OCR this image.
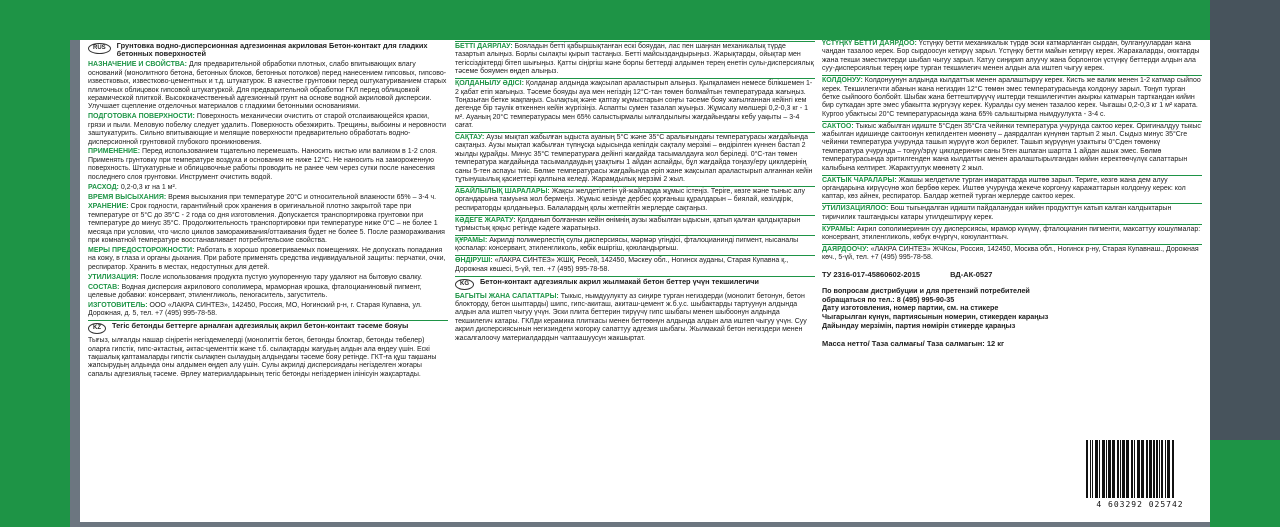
RUS	Грунтовка водно-дисперсионная адгезионная акриловая Бетон-контакт для гладких бетонных поверхностей
НАЗНАЧЕНИЕ И СВОЙСТВА: Для предварительной обработки плотных, слабо впитывающих влагу оснований (монолитного бетона, бетонных блоков, бетонных потолков) перед нанесением гипсовых, гипсово-известковых, известково-цементных и т.д. штукатурок. В качестве грунтовки перед оштукатуриванием старых плиточных облицовок гипсовой штукатуркой. Для предварительной обработки ГКЛ перед облицовкой керамической плиткой. Высококачественный адгезионный грунт на основе водной акриловой дисперсии. Улучшает сцепление отделочных материалов с гладкими бетонными основаниями.
ПОДГОТОВКА ПОВЕРХНОСТИ: Поверхность механически очистить от старой отслаивающейся краски, грязи и пыли. Меловую побелку следует удалить. Поверхность обезжирить. Трещины, выбоины и неровности заштукатурить. Сильно впитывающие и мелящие поверхности предварительно обработать водно-дисперсионной грунтовкой глубокого проникновения.
ПРИМЕНЕНИЕ: Перед использованием тщательно перемешать. Наносить кистью или валиком в 1-2 слоя. Применять грунтовку при температуре воздуха и основания не ниже 12°С. Не наносить на замороженную поверхность. Штукатурные и облицовочные работы проводить не ранее чем через сутки после нанесения последнего слоя грунтовки. Инструмент очистить водой.
РАСХОД: 0,2-0,3 кг на 1 м².
ВРЕМЯ ВЫСЫХАНИЯ: Время высыхания при температуре 20°С и относительной влажности 65% – 3-4 ч.
ХРАНЕНИЕ: Срок годности, гарантийный срок хранения в оригинальной плотно закрытой таре при температуре от 5°С до 35°С - 2 года со дня изготовления. Допускается транспортировка грунтовки при температуре до минус 35°С. Продолжительность транспортировки при температуре ниже 0°С – не более 1 месяца при условии, что число циклов замораживания/оттаивания будет не более 5. После размораживания при комнатной температуре восстанавливает потребительские свойства.
МЕРЫ ПРЕДОСТОРОЖНОСТИ: Работать в хорошо проветриваемых помещениях. Не допускать попадания на кожу, в глаза и органы дыхания. При работе применять средства индивидуальной защиты: перчатки, очки, респиратор. Хранить в местах, недоступных для детей.
УТИЛИЗАЦИЯ: После использования продукта пустую укупоренную тару удаляют на бытовую свалку.
СОСТАВ: Водная дисперсия акрилового сополимера, мраморная крошка, фталоцианиновый пигмент, целевые добавки: консервант, этиленгликоль, пеногаситель, загуститель.
ИЗГОТОВИТЕЛЬ: ООО «ЛАКРА СИНТЕЗ», 142450, Россия, МО, Ногинский р-н, г. Старая Купавна, ул. Дорожная, д. 5, тел. +7 (495) 995-78-58.
KZ	Тегіс бетонды беттерге арналған адгезиялық акрил бетон-контакт тәсеме бояуы
Тығыз, ылғалды нашар сіңіретін негіздемелерді (монолиттік бетон, бетонды блоктар, бетонды төбелер) оларға гипстік, гипс-әктастық, әктас-цементтік және т.б. сылақтарды жағудың алдын ала өңдеу үшін. Ескі тақшалық қаптамаларды гипстік сылақпен сылаудың алдындағы тәсеме бояу ретінде. ГКТ-ға құш тақшаны жапсырудың алдында оны алдымен өңдеп алу үшін. Сулы акрилді дисперсиядағы негізделген жоғары сапалы адгезиялық тәсеме. Әрлеу материалдарының тегіс бетонды негіздермен ілінісуін жақсартады.
БЕТТІ ДАЯРЛАУ: Бояладын бетті қабыршықтанған ескі бояудан, лас пен шаңнан механикалық түрде тазартып алыңыз. Борлы сылақты қырып тастаңыз. Бетті майсыздандырыңыз. Жарықтарды, ойықтар мен тегіссіздіктерді бітеп шығыңыз. Қатты сіңіргіш және борлы беттерді алдымен терең енетін сулы-дисперсиялық тәсеме бояумен өңдеп алыңыз.
ҚОЛДАНЫЛУ ӘДІСІ: Қолданар алдында жақсылап араластырып алыңыз. Қылқаламен немесе білікшемен 1-2 қабат етіп жағыңыз. Тәсеме бояуды ауа мен негіздің 12°С-тан төмен болмайтын температурада жағыңыз. Тоңазыған бетке жақпаңыз. Сылақтық және қаптау жұмыстарын соңғы тәсеме бояу жағылғаннан кейінгі кем дегенде бір тәулік өткеннен кейін жүргізіңіз. Аспапты сумен тазалап жуыңыз. Жұмсалу мөлшері 0,2-0,3 кг - 1 м². Ауаның 20°С температурасы мен 65% салыстырмалы ылғалдылығы жағдайындағы кебу уақыты – 3-4 сағат.
САҚТАУ: Аузы мықтап жабылған ыдыста ауаның 5°С және 35°С аралығындағы температурасы жағдайында сақтаңыз. Аузы мықтап жабылған түпнұсқа ыдысында кепілдік сақталу мерзімі – өндірілген күннен бастап 2 жылды құрайды. Минус 35°С температураға дейінгі жағдайда тасымалдауға жол беріледі. 0°С-тан төмен температура жағдайында тасымалдаудың ұзақтығы 1 айдан аспайды, бұл жағдайда тоңазу/еру циклдерінің саны 5-тен аспауы тиіс. Бөлме температурасы жағдайында еріп жане жақсылап араластырып алғаннан кейін тұтынушылық қасиеттері қалпына келеді. Жарамдылық мерзімі 2 жыл.
АБАЙЛЫЛЫҚ ШАРАЛАРЫ: Жақсы желдетілетін үй-жайларда жұмыс істеңіз. Теріге, көзге және тыныс алу органдарына тамуына жол бермеңіз. Жұмыс кезінде дербес қорғаныш құралдарын – биялай, көзілдірік, респираторды қолданыңыз. Балалардың қолы жетпейтін жерлерде сақтаңыз.
КӘДЕГЕ ЖАРАТУ: Қолданып болғаннан кейін өнімнің аузы жабылған ыдысын, қатып қалған қалдықтарын тұрмыстық қоқыс ретінде кәдеге жаратыңыз.
ҚҰРАМЫ: Акрилді полимерлестің сулы дисперсиясы, мәрмәр үгіндісі, фталоцианинді пигмент, нысаналы қоспалар: консервант, этиленгликоль, көбік өшіргіш, қоюландырғыш.
ӨНДІРУШІ: «ЛАКРА СИНТЕЗ» ЖШҚ, Ресей, 142450, Мәскеу обл., Ногинск ауданы, Старая Купавна қ., Дорожная көшесі, 5-үй, тел. +7 (495) 995-78-58.
KG	Бетон-контакт адгезиялык акрил жылмакай бетон беттер үчүн текшилегичи
БАГЫТЫ ЖАНА САПАТТАРЫ: Тыкыс, нымдуулукту аз сиңире турган негиздерди (монолит бетонун, бетон блокторду, бетон шыптарды) шипс, гипс-акиташ, акиташ-цемент ж.б.у.с. шыбактарды тартуунун алдында алдын ала иштеп чыгуу үчүн. Эски плита беттерин тирүүчү гипс шыбагы менен шыбоонун алдында текшилегич катары. ГКЛди керамика плиткасы менен беттөөнүн алдында алдын ала иштеп чыгуу үчүн. Суу акрил дисперсиясынын негизиндеги жогорку сапаттуу адгезия шыбагы. Жылмакай бетон негиздери менен жасалгалоочу материалдардын чаптаашуусун жакшыртат.
ҮСТҮҢКҮ БЕТТИ ДАЯРДОО: Үстүңкү бетти механикалык түрдө эски катмарланган сырдан, булгануулардан жана чаңдан тазалоо керек. Бор сырдоосун кетирүү зарыл. Үстүңкү бетти майын кетирүү керек. Жаракаларды, оюктарды жана текши эместиктерди шыбап чыгуу зарыл. Катуу сиңирип алуучу жана борлонгон үстүңкү беттерди алдын ала суу-дисперсиялык терең кире турган текшилегич менен алдын ала иштеп чыгуу керек.
КОЛДОНУУ: Колдонуунун алдында кылдаттык менен аралаштыруу керек. Кисть же валик менен 1-2 катмар сыйпоо керек. Текшилегичти абанын жана негиздин 12°С төмөн эмес температурасында колдонуу зарыл. Тоңуп турган бетке сыйпоого болбойт. Шыбак жана беттештирүүчү иштерди текшилегичтин акыркы катмарын тарткандан кийин бир суткадан эрте эмес убакытта жүргүзүү керек. Куралды суу менен тазалоо керек. Чыгашы 0,2-0,3 кг 1 м² карата. Кургоо убактысы 20°С температурасында жана 65% салыштырма нымдуулукта - 3-4 с.
САКТОО: Тыкыс жабылган идиште 5°Сден 35°Сга чейинки температура учурунда сактоо керек. Оригиналдуу тыкыс жабылган идишинде сактоонун кепилдентен мөөнөтү – даярдалган күнүнөн тартып 2 жыл. Сыдыз минус 35°Сге чейинки температура учурунда ташып жүрүүгө жол берилет. Ташып жүрүүнүн узактыгы 0°Сден төмөнкү температура учурунда – тоңуу/эрүү циклдеринин саны 5тен ашпаган шартта 1 айдан ашык эмес. Бөлмө температурасында эритилгенден жана кылдаттык менен аралаштырылгандан кийин керектөөчүлүк сапаттарын калыбына келтирет. Жарактуулук мөөнөтү 2 жыл.
САКТЫК ЧАРАЛАРЫ: Жакшы желдетиле турган имараттарда иштөө зарыл. Териге, көзгө жана дем алуу органдарына кирүүсүнө жол бербөө керек. Иштөө учурунда жекече коргонуу каражаттарын колдонуу керек: кол каптар, көз айнек, респиратор. Балдар жетпей турган жерлерде сактоо керек.
УТИЛИЗАЦИЯЛОО: Бош тыгындалган идишти пайдаланудан кийин продукттун катып калган калдыктарын тиричилик таштандысы катары утилдештирүү керек.
КУРАМЫ: Акрил сополимеринин суу дисперсиясы, мрамор күкүмү, фталоцианин пигменти, максаттуу кошулмалар: консервант, этиленгликоль, көбүк өчүргүч, коюулантткыч.
ДАЯРДООЧУ: «ЛАКРА СИНТЕЗ» ЖЧКсы, Россия, 142450, Москва обл., Ногинск р-ну, Старая Купавнаш., Дорожная көч., 5-үй, тел. +7 (495) 995-78-58.
ТУ 2316-017-45860602-2015	ВД-АК-0527
По вопросам дистрибуции и для претензий потребителей обращаться по тел.: 8 (495) 995-90-35
Дату изготовления, номер партии, см. на стикере
Чыгарылган күнүн, партиясынын номерин, стикерден караңыз
Дайындау мерзімін, партия нөмірін стикерде қараңыз
Масса нетто/ Таза салмағы/ Таза салмагын: 12 кг
4 603292 025742
